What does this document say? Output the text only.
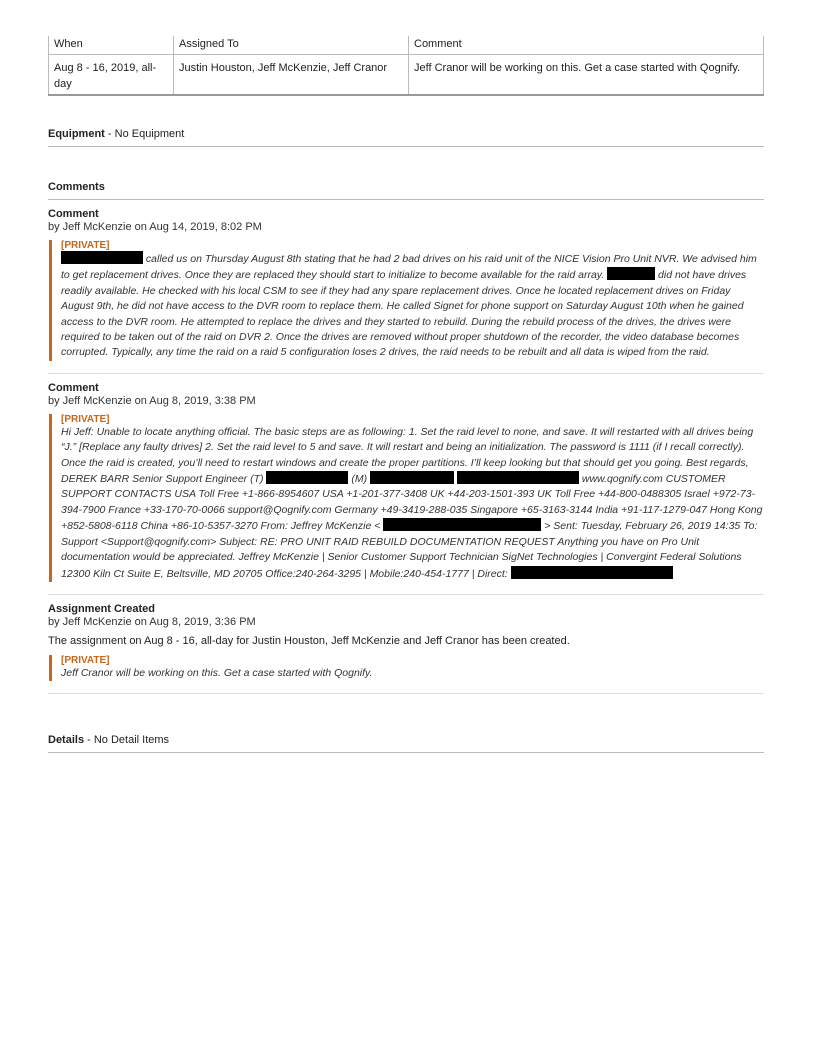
When	Assigned To	Comment
Aug 8 - 16, 2019, all-day	Justin Houston, Jeff McKenzie, Jeff Cranor	Jeff Cranor will be working on this. Get a case started with Qognify.
Equipment - No Equipment
Comments
Comment
by Jeff McKenzie on Aug 14, 2019, 8:02 PM
[PRIVATE]
called us on Thursday August 8th stating that he had 2 bad drives on his raid unit of the NICE Vision Pro Unit NVR. We advised him to get replacement drives. Once they are replaced they should start to initialize to become available for the raid array.	did not have drives readily available. He checked with his local CSM to see if they had any spare replacement drives. Once he located replacement drives on Friday August 9th, he did not have access to the DVR room to replace them. He called Signet for phone support on Saturday August 10th when he gained access to the DVR room. He attempted to replace the drives and they started to rebuild. During the rebuild process of the drives, the drives were required to be taken out of the raid on DVR 2. Once the drives are removed without proper shutdown of the recorder, the video database becomes corrupted. Typically, any time the raid on a raid 5 configuration loses 2 drives, the raid needs to be rebuilt and all data is wiped from the raid.
Comment
by Jeff McKenzie on Aug 8, 2019, 3:38 PM
[PRIVATE]
Hi Jeff: Unable to locate anything official. The basic steps are as following: 1. Set the raid level to none, and save. It will restarted with all drives being “J.” [Replace any faulty drives] 2. Set the raid level to 5 and save. It will restart and being an initialization. The password is 1111 (if I recall correctly). Once the raid is created, you’ll need to restart windows and create the proper partitions. I’ll keep looking but that should get you going. Best regards, DEREK BARR Senior Support Engineer (T)	(M)	www.qognify.com CUSTOMER SUPPORT CONTACTS USA Toll Free +1-866-8954607 USA +1-201-377-3408 UK +44-203-1501-393 UK Toll Free +44-800-0488305 Israel +972-73-394-7900 France +33-170-70-0066 support@Qognify.com Germany +49-3419-288-035 Singapore +65-3163-3144 India +91-117-1279-047 Hong Kong +852-5808-6118 China +86-10-5357-3270 From: Jeffrey McKenzie <	> Sent: Tuesday, February 26, 2019 14:35 To: Support <Support@qognify.com> Subject: RE: PRO UNIT RAID REBUILD DOCUMENTATION REQUEST Anything you have on Pro Unit documentation would be appreciated. Jeffrey McKenzie | Senior Customer Support Technician SigNet Technologies | Convergint Federal Solutions 12300 Kiln Ct Suite E, Beltsville, MD 20705 Office:240-264-3295 | Mobile:240-454-1777 | Direct:
Assignment Created
by Jeff McKenzie on Aug 8, 2019, 3:36 PM
The assignment on Aug 8 - 16, all-day for Justin Houston, Jeff McKenzie and Jeff Cranor has been created.
[PRIVATE]
Jeff Cranor will be working on this. Get a case started with Qognify.
Details - No Detail Items
